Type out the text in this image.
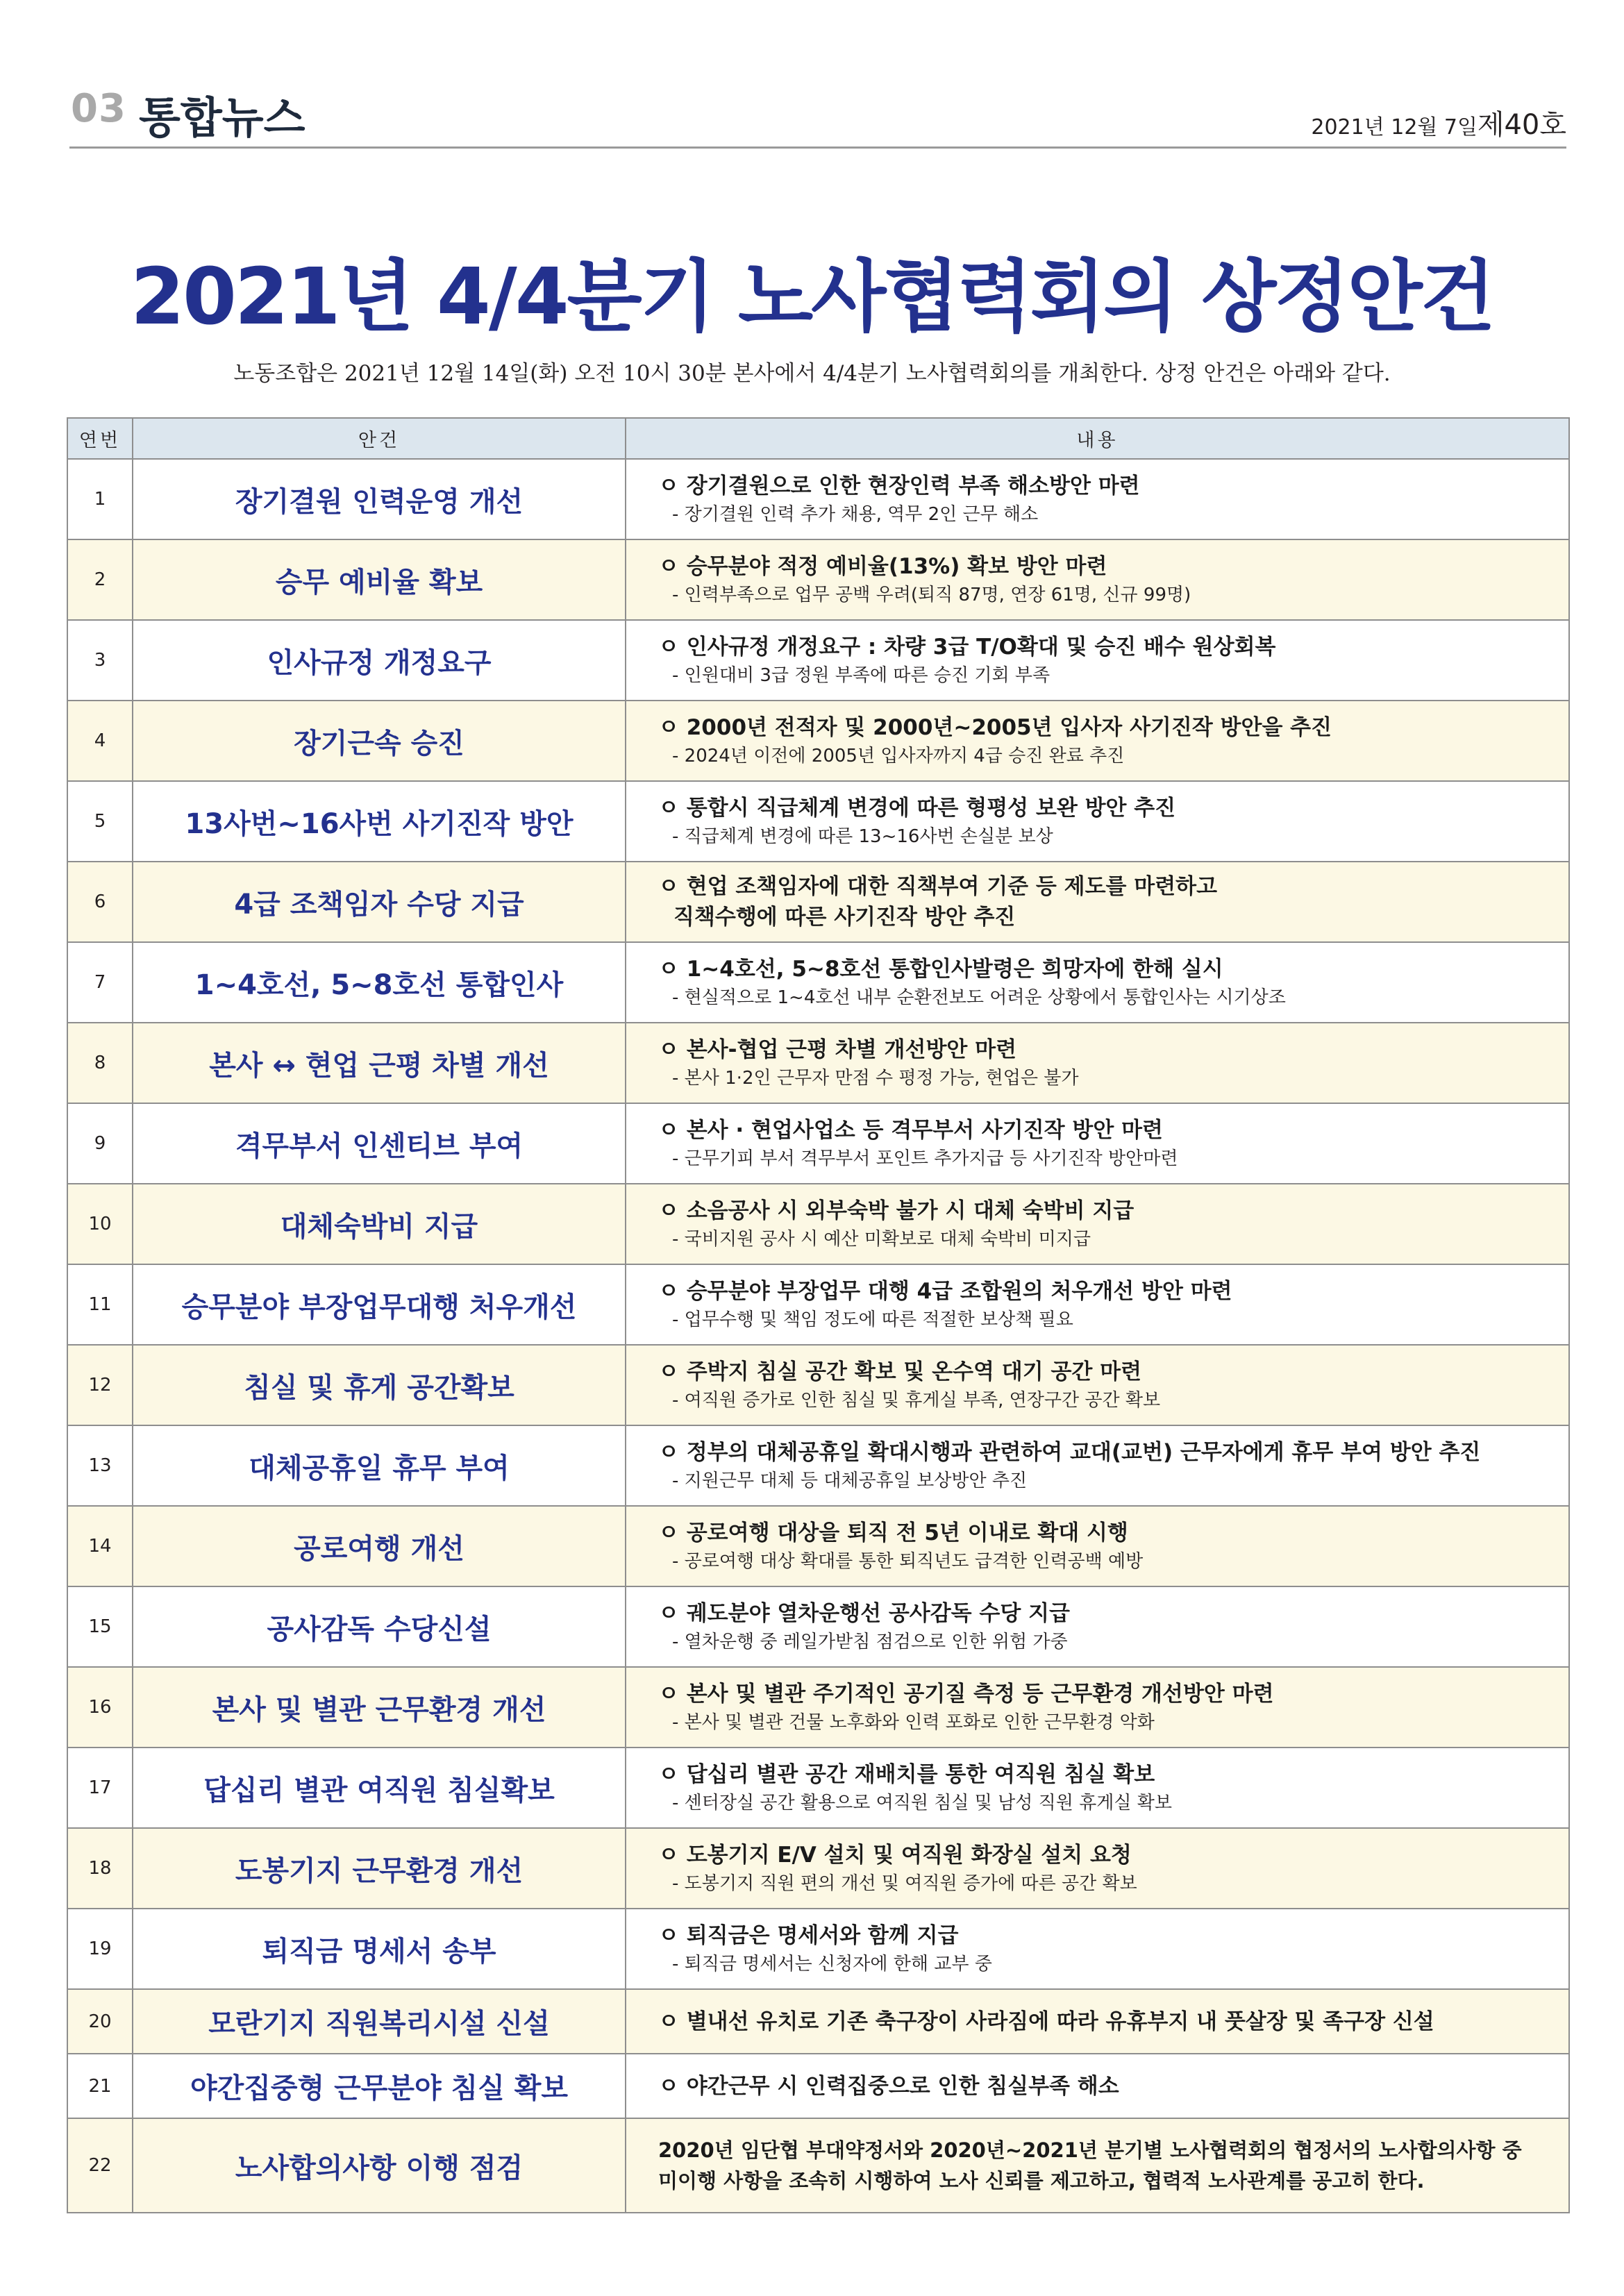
03 통합뉴스	2021년 12월 7일 제40호
2021년 4/4분기 노사협력회의 상정안건
노동조합은 2021년 12월 14일(화) 오전 10시 30분 본사에서 4/4분기 노사협력회의를 개최한다. 상정 안건은 아래와 같다.
연번	안건	내용
1	장기결원 인력운영 개선	ㅇ 장기결원으로 인한 현장인력 부족 해소방안 마련
- 장기결원 인력 추가 채용, 역무 2인 근무 해소

2	승무 예비율 확보	ㅇ 승무분야 적정 예비율(13%) 확보 방안 마련
- 인력부족으로 업무 공백 우려(퇴직 87명, 연장 61명, 신규 99명)

3	인사규정 개정요구	ㅇ 인사규정 개정요구 : 차량 3급 T/O확대 및 승진 배수 원상회복
- 인원대비 3급 정원 부족에 따른 승진 기회 부족

4	장기근속 승진	ㅇ 2000년 전적자 및 2000년~2005년 입사자 사기진작 방안을 추진
- 2024년 이전에 2005년 입사자까지 4급 승진 완료 추진

5	13사번~16사번 사기진작 방안	ㅇ 통합시 직급체계 변경에 따른 형평성 보완 방안 추진
- 직급체계 변경에 따른 13~16사번 손실분 보상

6	4급 조책임자 수당 지급	ㅇ 현업 조책임자에 대한 직책부여 기준 등 제도를 마련하고
직책수행에 따른 사기진작 방안 추진

7	1~4호선, 5~8호선 통합인사	ㅇ 1~4호선, 5~8호선 통합인사발령은 희망자에 한해 실시
- 현실적으로 1~4호선 내부 순환전보도 어려운 상황에서 통합인사는 시기상조

8	본사 ↔ 현업 근평 차별 개선	ㅇ 본사-협업 근평 차별 개선방안 마련
- 본사 1·2인 근무자 만점 수 평정 가능, 현업은 불가

9	격무부서 인센티브 부여	ㅇ 본사 · 현업사업소 등 격무부서 사기진작 방안 마련
- 근무기피 부서 격무부서 포인트 추가지급 등 사기진작 방안마련

10	대체숙박비 지급	ㅇ 소음공사 시 외부숙박 불가 시 대체 숙박비 지급
- 국비지원 공사 시 예산 미확보로 대체 숙박비 미지급

11	승무분야 부장업무대행 처우개선	ㅇ 승무분야 부장업무 대행 4급 조합원의 처우개선 방안 마련
- 업무수행 및 책임 정도에 따른 적절한 보상책 필요

12	침실 및 휴게 공간확보	ㅇ 주박지 침실 공간 확보 및 온수역 대기 공간 마련
- 여직원 증가로 인한 침실 및 휴게실 부족, 연장구간 공간 확보

13	대체공휴일 휴무 부여	ㅇ 정부의 대체공휴일 확대시행과 관련하여 교대(교번) 근무자에게 휴무 부여 방안 추진
- 지원근무 대체 등 대체공휴일 보상방안 추진

14	공로여행 개선	ㅇ 공로여행 대상을 퇴직 전 5년 이내로 확대 시행
- 공로여행 대상 확대를 통한 퇴직년도 급격한 인력공백 예방

15	공사감독 수당신설	ㅇ 궤도분야 열차운행선 공사감독 수당 지급
- 열차운행 중 레일가받침 점검으로 인한 위험 가중

16	본사 및 별관 근무환경 개선	ㅇ 본사 및 별관 주기적인 공기질 측정 등 근무환경 개선방안 마련
- 본사 및 별관 건물 노후화와 인력 포화로 인한 근무환경 악화

17	답십리 별관 여직원 침실확보	ㅇ 답십리 별관 공간 재배치를 통한 여직원 침실 확보
- 센터장실 공간 활용으로 여직원 침실 및 남성 직원 휴게실 확보

18	도봉기지 근무환경 개선	ㅇ 도봉기지 E/V 설치 및 여직원 화장실 설치 요청
- 도봉기지 직원 편의 개선 및 여직원 증가에 따른 공간 확보

19	퇴직금 명세서 송부	ㅇ 퇴직금은 명세서와 함께 지급
- 퇴직금 명세서는 신청자에 한해 교부 중

20	모란기지 직원복리시설 신설	ㅇ 별내선 유치로 기존 축구장이 사라짐에 따라 유휴부지 내 풋살장 및 족구장 신설

21	야간집중형 근무분야 침실 확보	ㅇ 야간근무 시 인력집중으로 인한 침실부족 해소

22	노사합의사항 이행 점검	2020년 임단협 부대약정서와 2020년~2021년 분기별 노사협력회의 협정서의 노사합의사항 중
미이행 사항을 조속히 시행하여 노사 신뢰를 제고하고, 협력적 노사관계를 공고히 한다.
